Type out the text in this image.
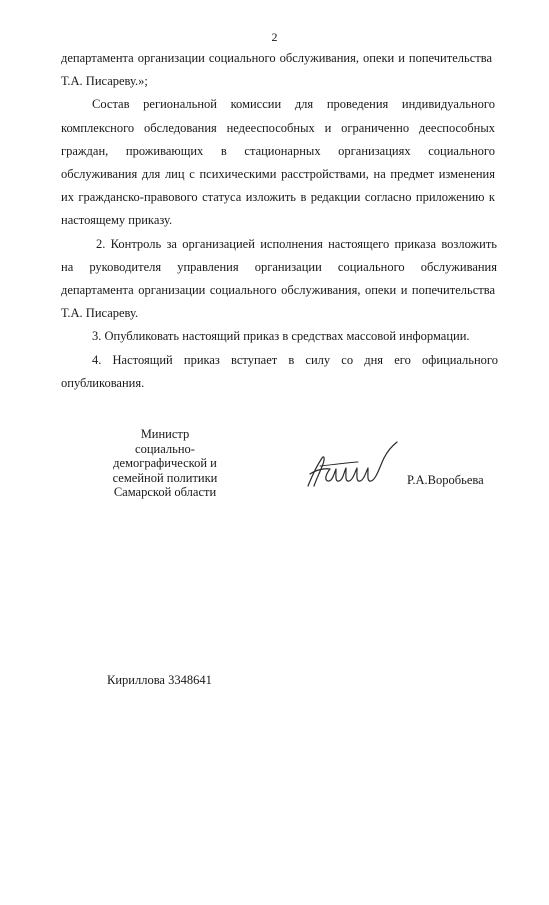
2
департамента организации социального обслуживания, опеки и попечительства
Т.А. Писареву.»;
Состав региональной комиссии для проведения индивидуального
комплексного обследования недееспособных и ограниченно дееспособных
граждан, проживающих в стационарных организациях социального
обслуживания для лиц с психическими расстройствами, на предмет изменения
их гражданско-правового статуса изложить в редакции согласно приложению к
настоящему приказу.
2. Контроль за организацией исполнения настоящего приказа возложить
на руководителя управления организации социального обслуживания
департамента организации социального обслуживания, опеки и попечительства
Т.А. Писареву.
3. Опубликовать настоящий приказ в средствах массовой информации.
4. Настоящий приказ вступает в силу со дня его официального
опубликования.
Министр
социально-
демографической и
семейной политики
Самарской области
Р.А.Воробьева
Кириллова 3348641
